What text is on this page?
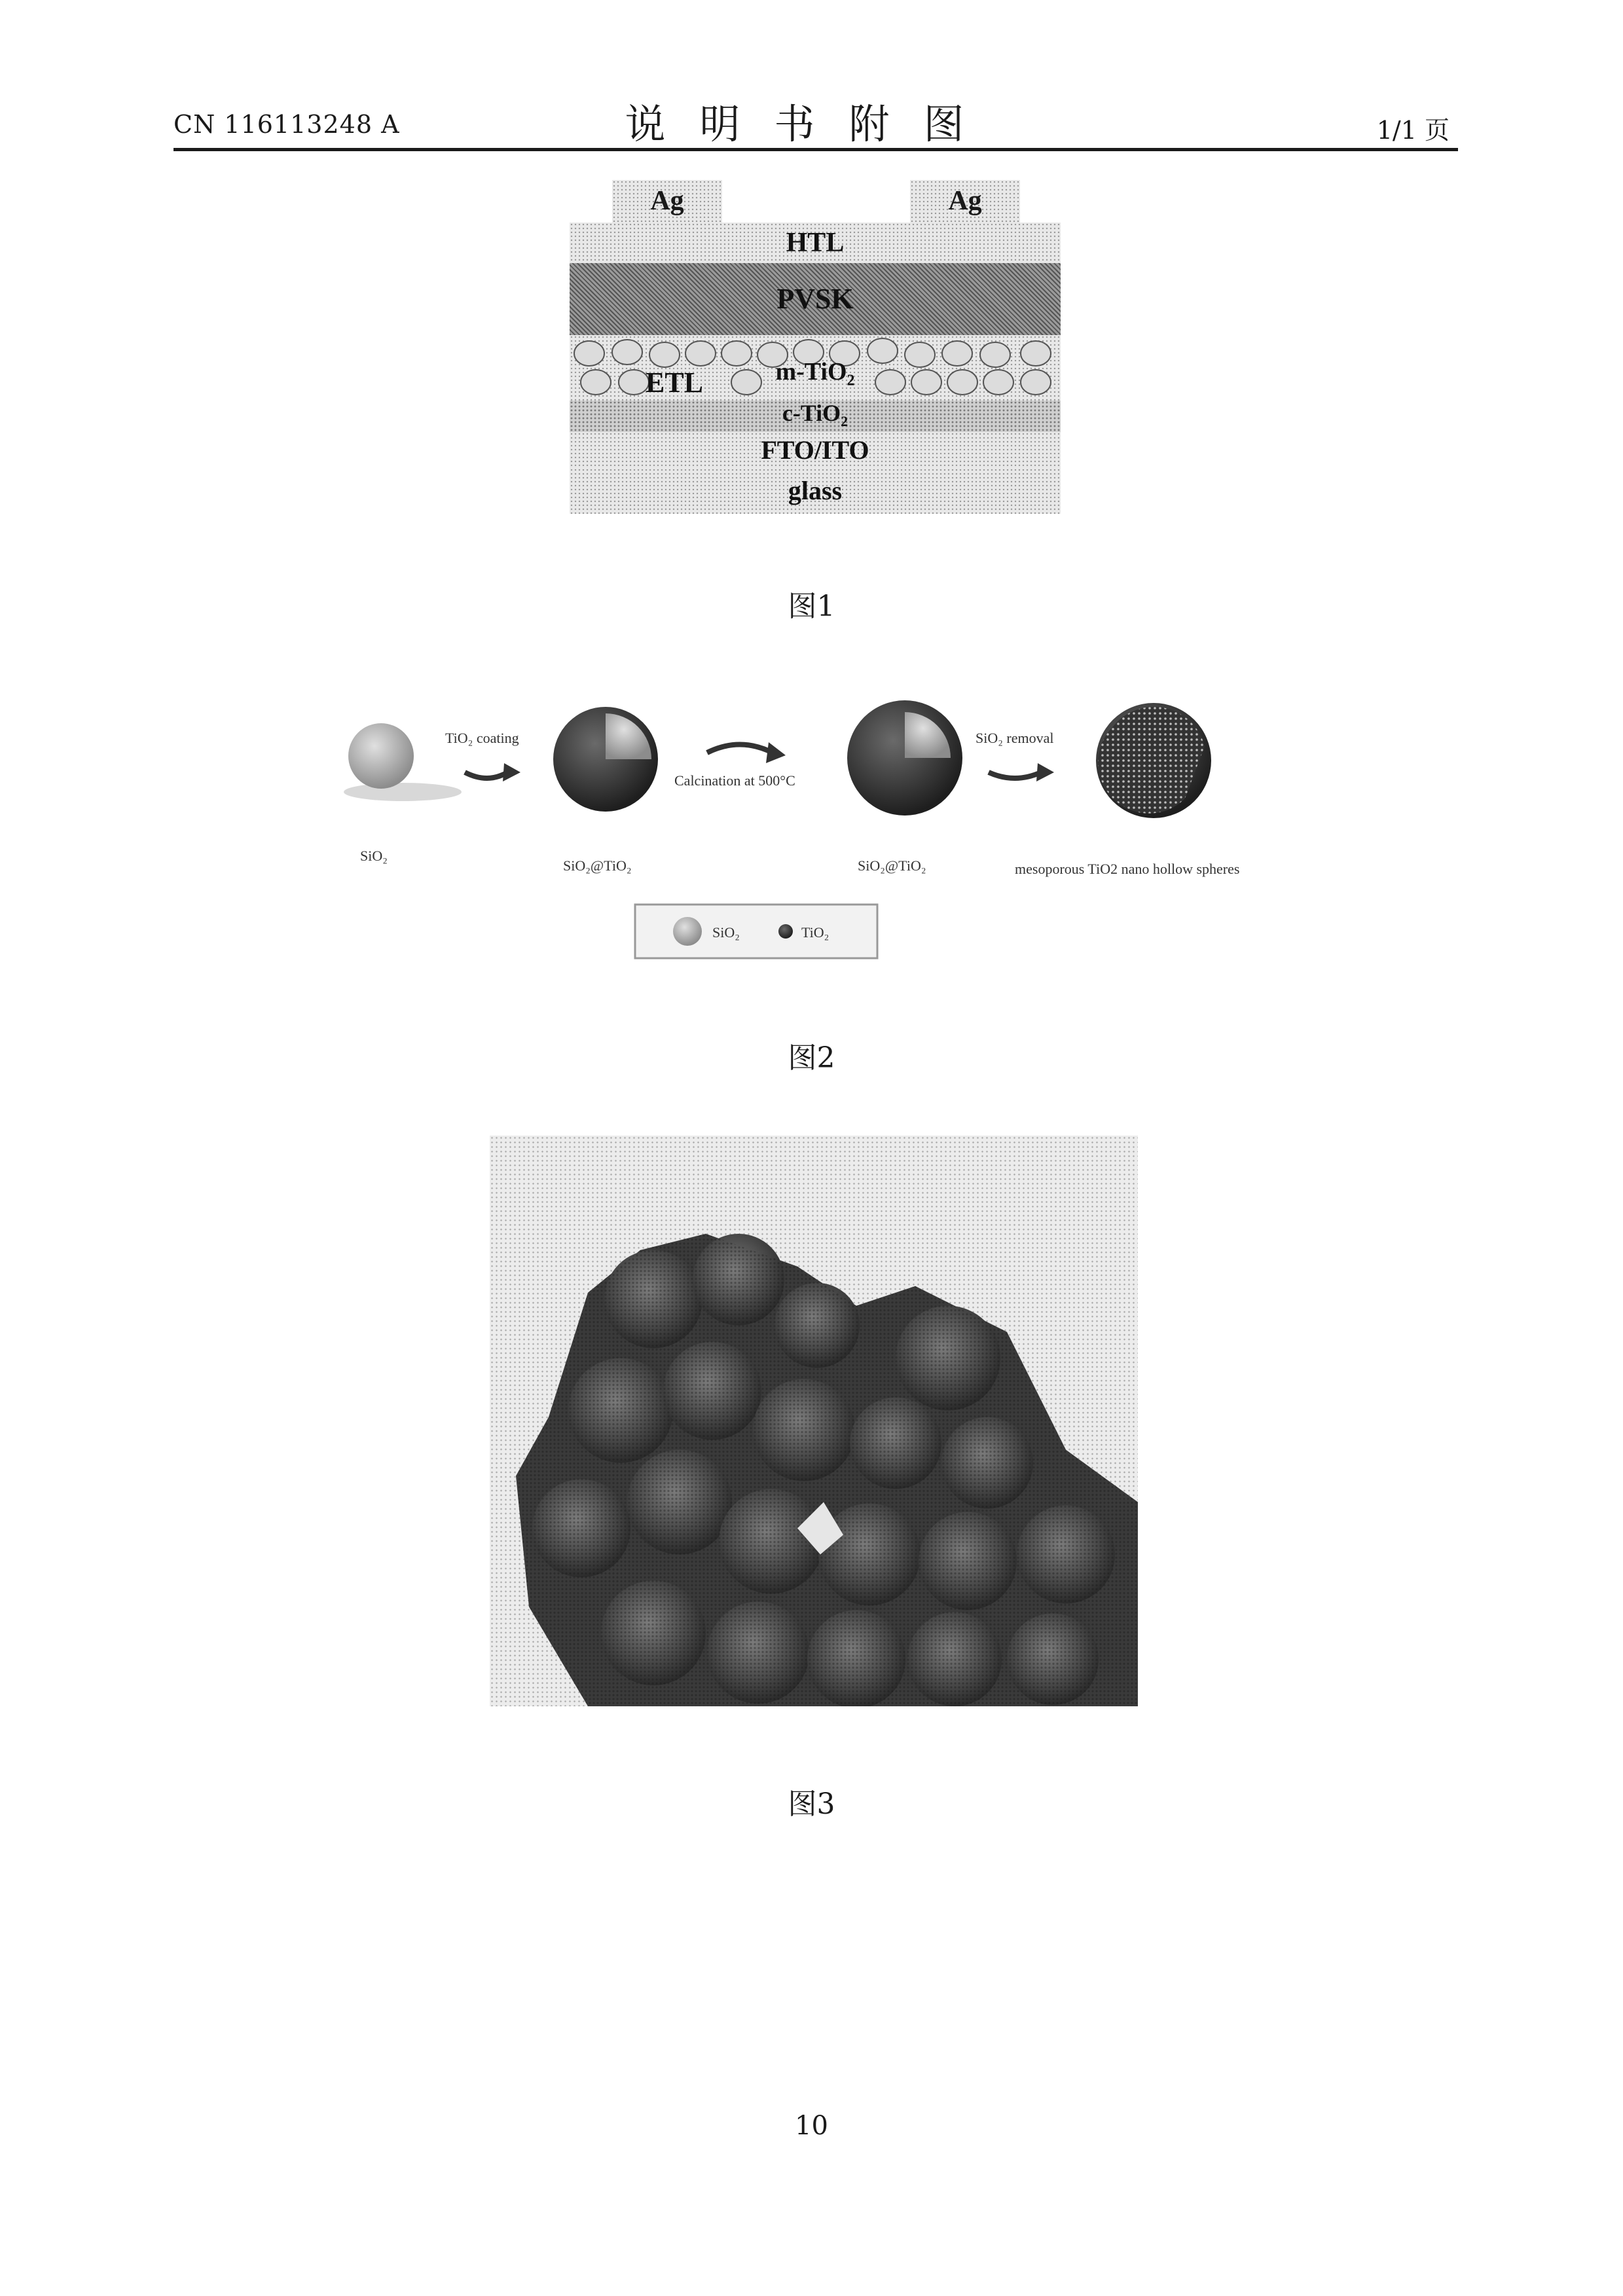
CN 116113248 A	说明书附图	1/1 页
Ag	Ag
HTL
PVSK
ETL	m-TiO$_2$
c-TiO$_2$
FTO/ITO
glass
图1
TiO₂ coating
Calcination at 500°C
SiO₂ removal
SiO₂
SiO₂@TiO₂	SiO₂@TiO₂	mesoporous TiO2 nano hollow spheres
SiO₂	TiO₂
图2
图3
10
